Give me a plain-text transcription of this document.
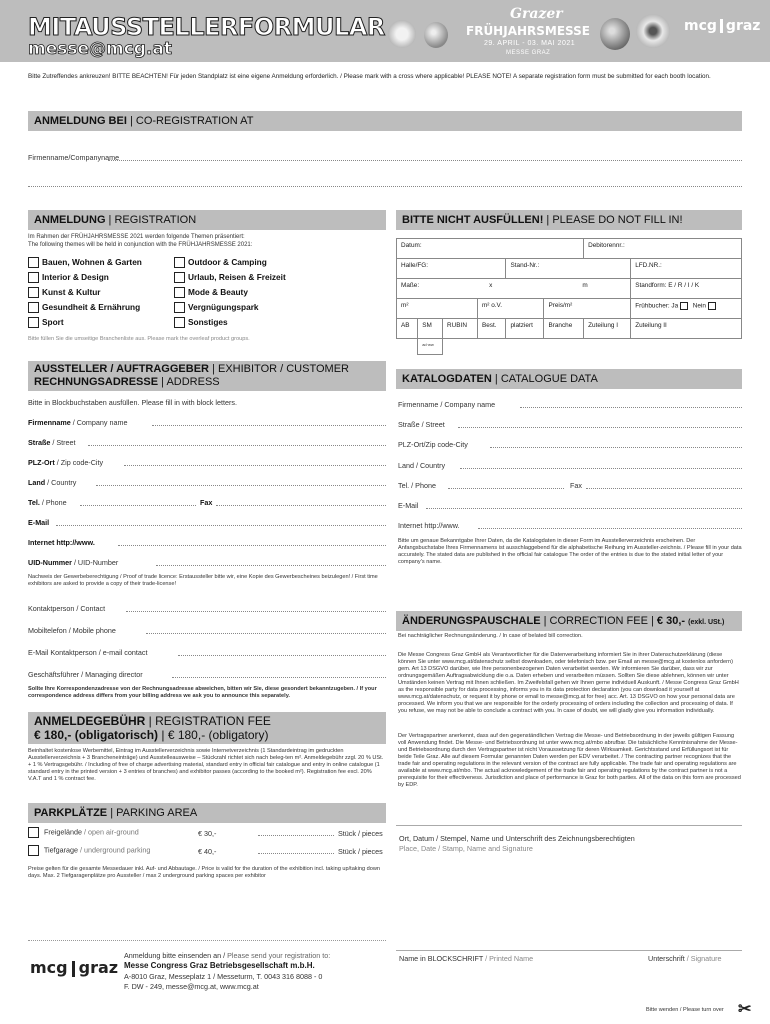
MITAUSSTELLERFORMULAR
messe@mcg.at
Grazer
FRÜHJAHRSMESSE
29. APRIL - 03. MAI 2021
MESSE GRAZ
mcg graz
Bitte Zutreffendes ankreuzen! BITTE BEACHTEN! Für jeden Standplatz ist eine eigene Anmeldung erforderlich. / Please mark with a cross where applicable! PLEASE NOTE! A separate registration form must be submitted for each booth location.
ANMELDUNG BEI | CO-REGISTRATION AT
Firmenname/Companyname
ANMELDUNG | REGISTRATION
Im Rahmen der FRÜHJAHRSMESSE 2021 werden folgende Themen präsentiert:
The following themes will be held in conjunction with the FRÜHJAHRSMESSE 2021:
Bauen, Wohnen & Garten
Interior & Design
Kunst & Kultur
Gesundheit & Ernährung
Sport
Outdoor & Camping
Urlaub, Reisen & Freizeit
Mode & Beauty
Vergnügungspark
Sonstiges
Bitte füllen Sie die umseitige Branchenliste aus. Please mark the overleaf product groups.
BITTE NICHT AUSFÜLLEN! | PLEASE DO NOT FILL IN!
Datum:						Debitorennr.:	
Halle/FG:				Stand-Nr.:			LFD.NR.:
Maße: x m							Standform: E / R / I / K
m²			m² o.V.		Preis/m²		Frühbucher: Ja Nein
AB	SM	RUBIN	Best.	platziert	Branche	Zuteilung I	Zuteilung II
	ad·ww						
AUSSTELLER / AUFTRAGGEBER | EXHIBITOR / CUSTOMER
RECHNUNGSADRESSE | ADDRESS
Bitte in Blockbuchstaben ausfüllen. Please fill in with block letters.
Firmenname / Company name
Straße / Street
PLZ-Ort / Zip code-City
Land / Country
Tel. / Phone	Fax
E-Mail
Internet http://www.
UID-Nummer / UID-Number
Nachweis der Gewerbeberechtigung / Proof of trade licence: Erstaussteller bitte wir, eine Kopie des Gewerbescheines beizulegen! / First time exhibitors are asked to provide a copy of their trade-license!
Kontaktperson / Contact
Mobiltelefon / Mobile phone
E-Mail Kontaktperson / e-mail contact
Geschäftsführer / Managing director
Sollte Ihre Korrespondenzadresse von der Rechnungsadresse abweichen, bitten wir Sie, diese gesondert bekanntzugeben. / If your correspondence address differs from your billing address we ask you to announce this separately.
ANMELDEGEBÜHR | REGISTRATION FEE
€ 180,- (obligatorisch) | € 180,- (obligatory)
Beinhaltet kostenlose Werbemittel, Eintrag im Ausstellerverzeichnis sowie Internetverzeichnis (1 Standardeintrag im gedruckten Ausstellerverzeichnis + 3 Brancheneinträge) und Ausstelleausweise – Stückzahl richtet sich nach beleg-ten m². Anmeldegebühr zzgl. 20 % USt. + 1 % Vertragsgebühr. / Including of free of charge advertising material, standard entry in official fair catalogue and entry in online catalogue (1 standard entry in the printed version + 3 entries of branches) and exhibitor passes (according to the booked m²). Registration fee excl. 20% V.A.T and 1 % contract fee.
PARKPLÄTZE | PARKING AREA
Freigelände / open air-ground	€ 30,-	Stück / pieces
Tiefgarage / underground parking	€ 40,-	Stück / pieces
Preise gelten für die gesamte Messedauer inkl. Auf- und Abbautage. / Price is valid for the duration of the exhibition incl. taking up/taking down days. Max. 2 Tiefgaragenplätze pro Aussteller / max 2 underground parking spaces per exhibitor
KATALOGDATEN | CATALOGUE DATA
Firmenname / Company name
Straße / Street
PLZ-Ort/Zip code-City
Land / Country
Tel. / Phone	Fax
E-Mail
Internet http://www.
Bitte um genaue Bekanntgabe Ihrer Daten, da die Katalogdaten in dieser Form im Ausstellerverzeichnis erscheinen. Der Anfangsbuchstabe Ihres Firmennamens ist ausschlaggebend für die alphabetische Reihung im Aussteller-zeichnis. / Please fill in your data accurately. The stated data are published in the official fair catalogue The order of the entries is due to the stated initial letter of your company’s name.
ÄNDERUNGSPAUSCHALE | CORRECTION FEE | € 30,- (exkl. USt.)
Bei nachträglicher Rechnungsänderung. / In case of belated bill correction.
Die Messe Congress Graz GmbH als Verantwortlicher für die Datenverarbeitung informiert Sie in ihrer Datenschutzerklärung (diese können Sie unter www.mcg.at/datenschutz selbst downloaden, oder telefonisch bzw. per Email an messe@mcg.at kostenlos anfordern) gem. Art 13 DSGVO darüber, wie Ihre personenbezogenen Daten verarbeitet werden. Wir informieren Sie darüber, dass wir zur ordnungsgemäßen Auftragsabwicklung die o.a. Daten erheben und verarbeiten müssen. Sollten Sie diese ablehnen, können wir unter Umständen keinen Vertrag mit Ihnen schließen. Im Zweifelsfall gehen wir Ihnen gerne individuell Auskunft. / Messe Congress Graz GmbH as the responsible party for data processing, informs you in its data protection declaration (you can download it yourself at www.mcg.at/datenschutz, or request it by phone or email to messe@mcg.at for free) acc. Art. 13 DSGVO on how your personal data are processed. We inform you that we are responsible for the orderly processing of orders including the collection and processing of data. If you refuse, we may not be able to conclude a contract with you. In case of doubt, we will gladly give you information individually.
Der Vertragspartner anerkennt, dass auf den gegenständlichen Vertrag die Messe- und Betriebsordnung in der jeweils gültigen Fassung voll Anwendung findet. Die Messe- und Betriebsordnung ist unter www.mcg.at/mbo abrufbar. Die tatsächliche Kenntnisnahme der Messe- und Betriebsordnung durch den Vertragspartner ist nicht Voraussetzung für deren Wirksamkeit. Gerichtsstand und Erfüllungsort ist für beide Teile Graz. Alle auf diesem Formular genannten Daten werden per EDV verarbeitet. / The contracting partner recognizes that the trade fair and operating regulations in the relevant version of the contract are fully applicable. The trade fair and operating regulations are available at www.mcg.at/mbo. The actual acknowledgement of the trade fair and operating regulations by the contract partner is not a prerequisite for their effectiveness. Jurisdiction and place of performance is Graz for both parties. All of the data on this form are processed by EDP.
Ort, Datum / Stempel, Name und Unterschrift des Zeichnungsberechtigten
Place, Date / Stamp, Name and Signature
Name in BLOCKSCHRIFT / Printed Name	Unterschrift / Signature
mcg graz
Anmeldung bitte einsenden an / Please send your registration to:
Messe Congress Graz Betriebsgesellschaft m.b.H.
A-8010 Graz, Messeplatz 1 / Messeturm, T. 0043 316 8088 - 0
F. DW - 249, messe@mcg.at, www.mcg.at
Bitte wenden / Please turn over ✂
